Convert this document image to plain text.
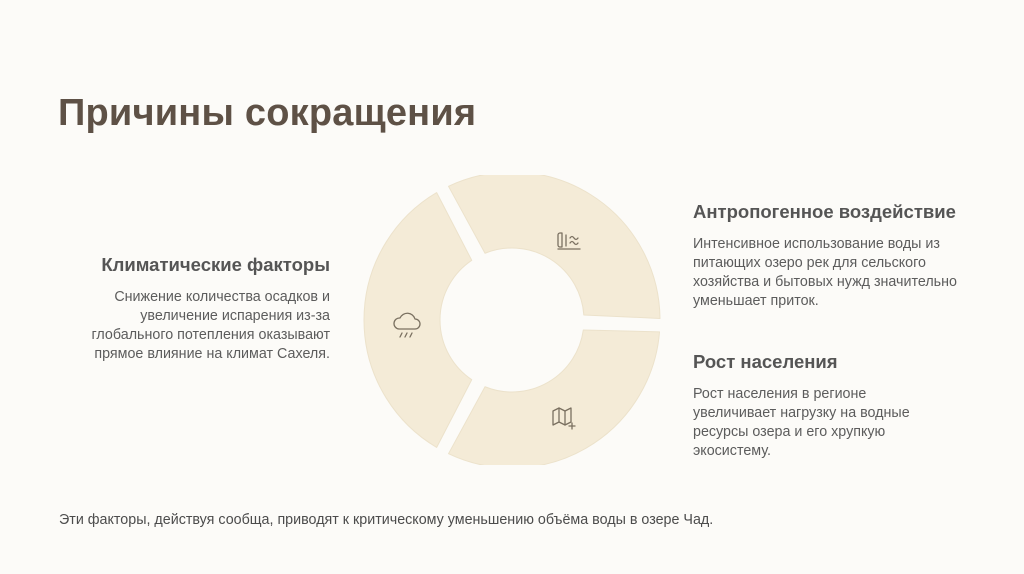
Причины сокращения
Климатические факторы

Снижение количества осадков и увеличение испарения из-за глобального потепления оказывают прямое влияние на климат Сахеля.

Антропогенное воздействие

Интенсивное использование воды из питающих озеро рек для сельского хозяйства и бытовых нужд значительно уменьшает приток.

Рост населения

Рост населения в регионе увеличивает нагрузку на водные ресурсы озера и его хрупкую экосистему.

Эти факторы, действуя сообща, приводят к критическому уменьшению объёма воды в озере Чад.
